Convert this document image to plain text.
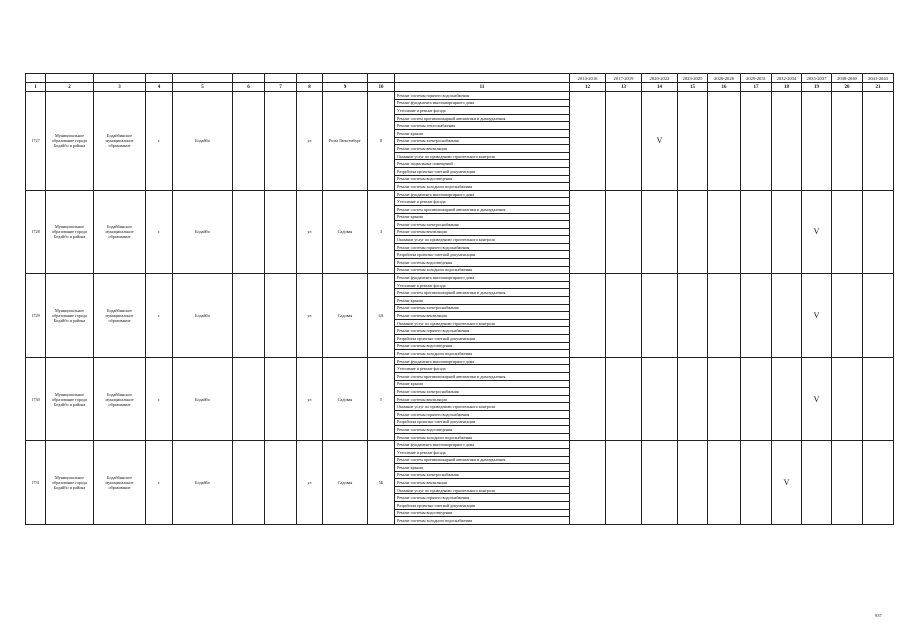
											2014-2016	2017-2019	2020-2022	2023-2025	2026-2028	2029-2031	2032-2034	2035-2037	2038-2040	2041-2043
1	2	3	4	5	6	7	8	9	10	11	12	13	14	15	16	17	18	19	20	21
1727	Муниципальное образование города Бодайбо и района	Бодайбинское муниципальное образование	г.	Бодайбо			ул	Розы Люксембург	8	Ремонт системы горячего водоснабжения			V							
										Ремонт фундамента многоквартирного дома										
										Утепление и ремонт фасада										
										Ремонт систем противопожарной автоматики и дымоудаления										
										Ремонт системы теплоснабжения										
										Ремонт крыши										
										Ремонт системы электроснабжения										
										Ремонт системы вентиляции										
										Оказание услуг по проведению строительного контроля										
										Ремонт подвальных помещений										
										Разработка проектно-сметной документации										
										Ремонт системы водоотведения										
										Ремонт системы холодного водоснабжения										
1728	Муниципальное образование города Бодайбо и района	Бодайбинское муниципальное образование	г.	Бодайбо			ул	Садовая	3	Ремонт фундамента многоквартирного дома								V		
										Утепление и ремонт фасада										
										Ремонт систем противопожарной автоматики и дымоудаления										
										Ремонт крыши										
										Ремонт системы электроснабжения										
										Ремонт системы вентиляции										
										Оказание услуг по проведению строительного контроля										
										Ремонт системы горячего водоснабжения										
										Разработка проектно-сметной документации										
										Ремонт системы водоотведения										
										Ремонт системы холодного водоснабжения										
1729	Муниципальное образование города Бодайбо и района	Бодайбинское муниципальное образование	г.	Бодайбо			ул	Садовая	4А	Ремонт фундамента многоквартирного дома								V		
										Утепление и ремонт фасада										
										Ремонт систем противопожарной автоматики и дымоудаления										
										Ремонт крыши										
										Ремонт системы электроснабжения										
										Ремонт системы вентиляции										
										Оказание услуг по проведению строительного контроля										
										Ремонт системы горячего водоснабжения										
										Разработка проектно-сметной документации										
										Ремонт системы водоотведения										
										Ремонт системы холодного водоснабжения										
1730	Муниципальное образование города Бодайбо и района	Бодайбинское муниципальное образование	г.	Бодайбо			ул	Садовая	5	Ремонт фундамента многоквартирного дома								V		
										Утепление и ремонт фасада										
										Ремонт систем противопожарной автоматики и дымоудаления										
										Ремонт крыши										
										Ремонт системы электроснабжения										
										Ремонт системы вентиляции										
										Оказание услуг по проведению строительного контроля										
										Ремонт системы горячего водоснабжения										
										Разработка проектно-сметной документации										
										Ремонт системы водоотведения										
										Ремонт системы холодного водоснабжения										
1731	Муниципальное образование города Бодайбо и района	Бодайбинское муниципальное образование	г.	Бодайбо			ул	Садовая	5Б	Ремонт фундамента многоквартирного дома							V			
										Утепление и ремонт фасада										
										Ремонт систем противопожарной автоматики и дымоудаления										
										Ремонт крыши										
										Ремонт системы электроснабжения										
										Ремонт системы вентиляции										
										Оказание услуг по проведению строительного контроля										
										Ремонт системы горячего водоснабжения										
										Разработка проектно-сметной документации										
										Ремонт системы водоотведения										
										Ремонт системы холодного водоснабжения										
937
